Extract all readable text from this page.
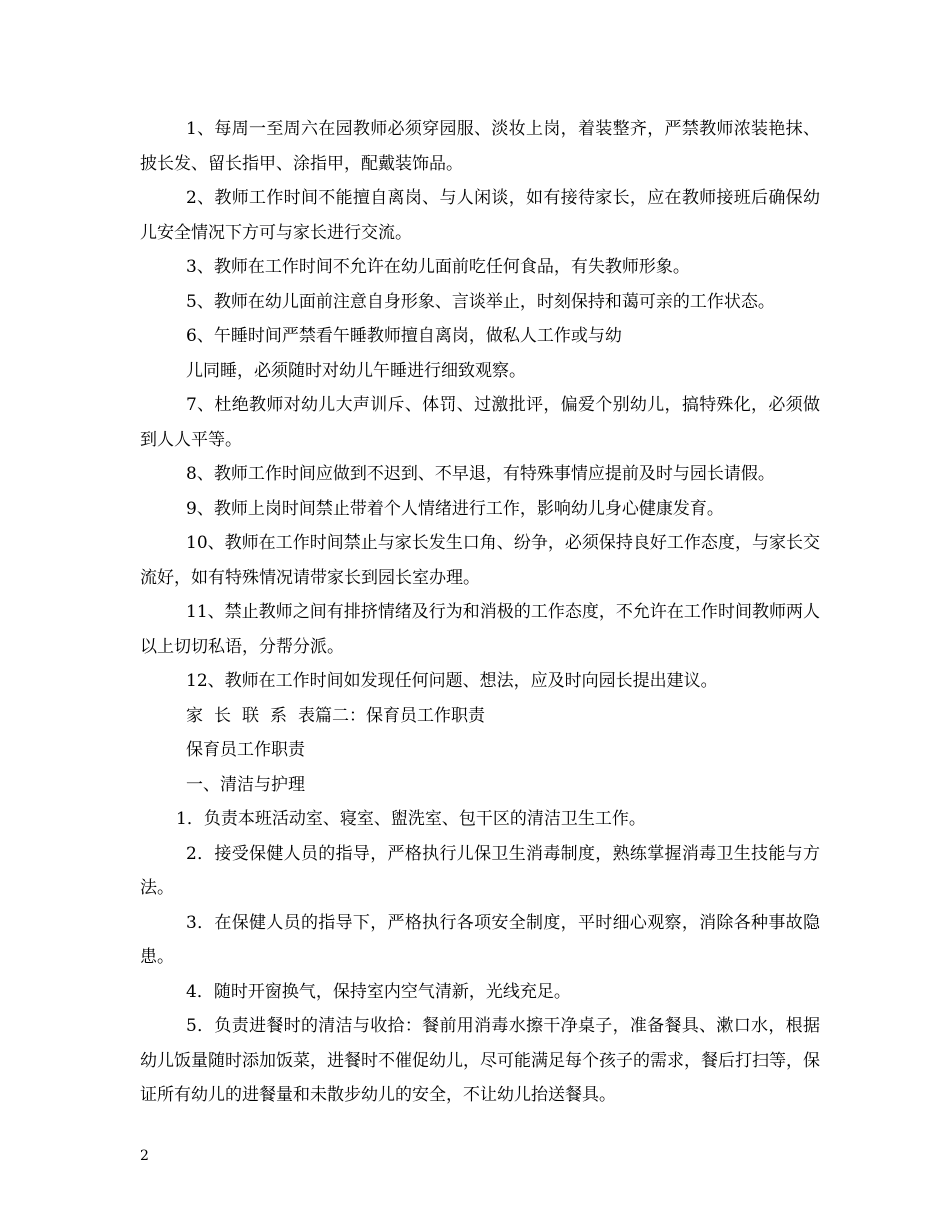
1、每周一至周六在园教师必须穿园服、淡妆上岗，着装整齐，严禁教师浓装艳抹、披长发、留长指甲、涂指甲，配戴装饰品。

2、教师工作时间不能擅自离岗、与人闲谈，如有接待家长，应在教师接班后确保幼儿安全情况下方可与家长进行交流。

3、教师在工作时间不允许在幼儿面前吃任何食品，有失教师形象。

5、教师在幼儿面前注意自身形象、言谈举止，时刻保持和蔼可亲的工作状态。

6、午睡时间严禁看午睡教师擅自离岗，做私人工作或与幼

儿同睡，必须随时对幼儿午睡进行细致观察。

7、杜绝教师对幼儿大声训斥、体罚、过激批评，偏爱个别幼儿，搞特殊化，必须做到人人平等。

8、教师工作时间应做到不迟到、不早退，有特殊事情应提前及时与园长请假。

9、教师上岗时间禁止带着个人情绪进行工作，影响幼儿身心健康发育。

10、教师在工作时间禁止与家长发生口角、纷争，必须保持良好工作态度，与家长交流好，如有特殊情况请带家长到园长室办理。

11、禁止教师之间有排挤情绪及行为和消极的工作态度，不允许在工作时间教师两人以上切切私语，分帮分派。

12、教师在工作时间如发现任何问题、想法，应及时向园长提出建议。

家长联系表篇二：保育员工作职责

保育员工作职责

一、清洁与护理

1．负责本班活动室、寝室、盥洗室、包干区的清洁卫生工作。

2．接受保健人员的指导，严格执行儿保卫生消毒制度，熟练掌握消毒卫生技能与方法。

3．在保健人员的指导下，严格执行各项安全制度，平时细心观察，消除各种事故隐患。

4．随时开窗换气，保持室内空气清新，光线充足。

5．负责进餐时的清洁与收拾：餐前用消毒水擦干净桌子，准备餐具、漱口水，根据幼儿饭量随时添加饭菜，进餐时不催促幼儿，尽可能满足每个孩子的需求，餐后打扫等，保证所有幼儿的进餐量和未散步幼儿的安全，不让幼儿抬送餐具。

2
